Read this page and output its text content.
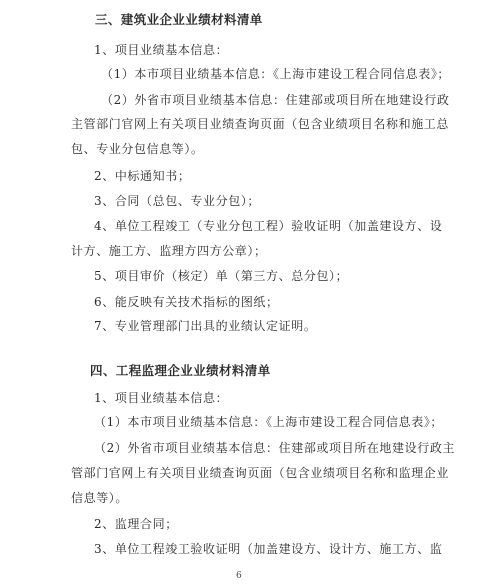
三、建筑业企业业绩材料清单
1、项目业绩基本信息：
（1）本市项目业绩基本信息：《上海市建设工程合同信息表》；
（2）外省市项目业绩基本信息：住建部或项目所在地建设行政
主管部门官网上有关项目业绩查询页面（包含业绩项目名称和施工总
包、专业分包信息等）。
2、中标通知书；
3、合同（总包、专业分包）；
4、单位工程竣工（专业分包工程）验收证明（加盖建设方、设
计方、施工方、监理方四方公章）；
5、项目审价（核定）单（第三方、总分包）；
6、能反映有关技术指标的图纸；
7、专业管理部门出具的业绩认定证明。
四、工程监理企业业绩材料清单
1、项目业绩基本信息：
（1）本市项目业绩基本信息：《上海市建设工程合同信息表》；
（2）外省市项目业绩基本信息：住建部或项目所在地建设行政主
管部门官网上有关项目业绩查询页面（包含业绩项目名称和监理企业
信息等）。
2、监理合同；
3、单位工程竣工验收证明（加盖建设方、设计方、施工方、监
6
